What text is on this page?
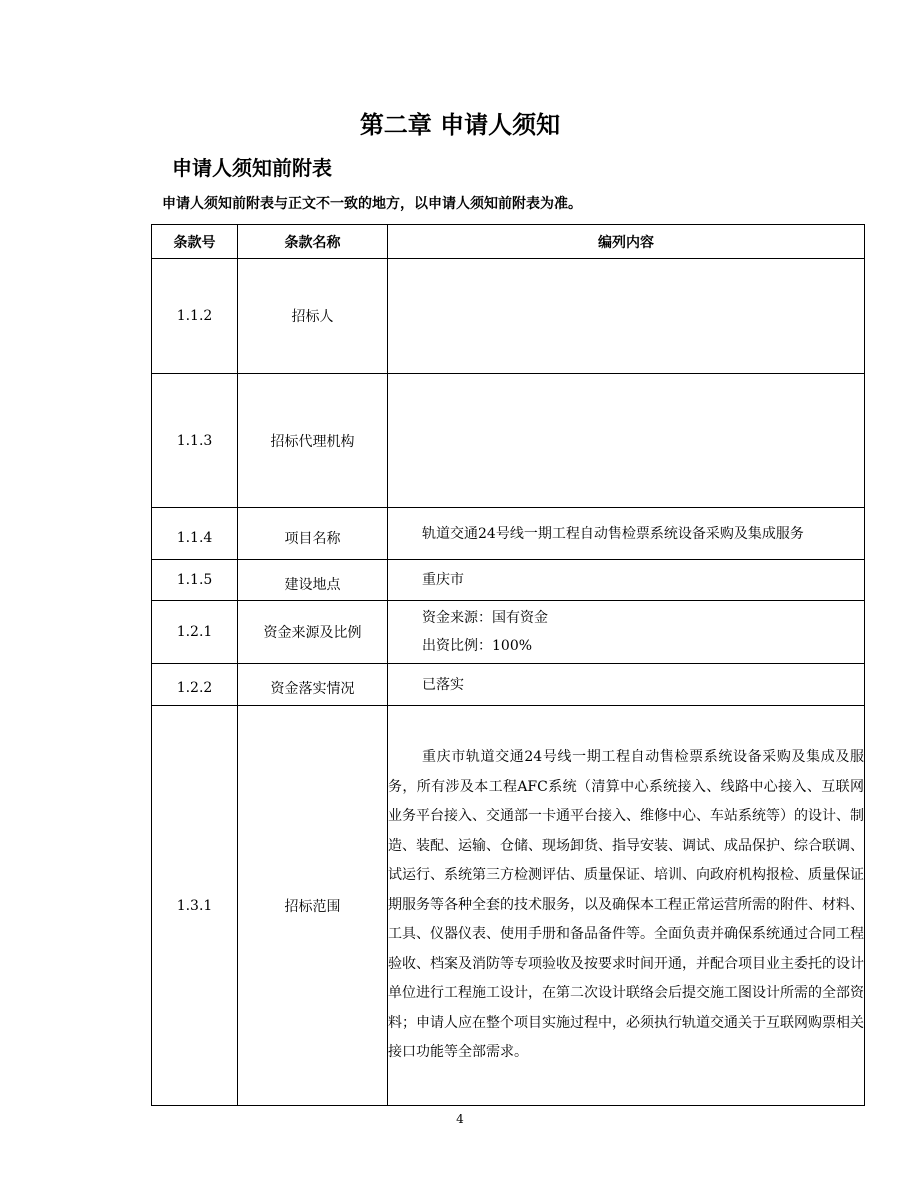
第二章 申请人须知
申请人须知前附表
申请人须知前附表与正文不一致的地方，以申请人须知前附表为准。
条款号	条款名称	编列内容
1.1.2	招标人	

1.1.3	招标代理机构	

1.1.4	项目名称	轨道交通24号线一期工程自动售检票系统设备采购及集成服务

1.1.5	建设地点	重庆市

1.2.1	资金来源及比例	资金来源：国有资金
出资比例：100%

1.2.2	资金落实情况	已落实

1.3.1	招标范围	重庆市轨道交通24号线一期工程自动售检票系统设备采购及集成及服务，所有涉及本工程AFC系统（清算中心系统接入、线路中心接入、互联网业务平台接入、交通部一卡通平台接入、维修中心、车站系统等）的设计、制造、装配、运输、仓储、现场卸货、指导安装、调试、成品保护、综合联调、试运行、系统第三方检测评估、质量保证、培训、向政府机构报检、质量保证期服务等各种全套的技术服务，以及确保本工程正常运营所需的附件、材料、工具、仪器仪表、使用手册和备品备件等。全面负责并确保系统通过合同工程验收、档案及消防等专项验收及按要求时间开通，并配合项目业主委托的设计单位进行工程施工设计，在第二次设计联络会后提交施工图设计所需的全部资料；申请人应在整个项目实施过程中，必须执行轨道交通关于互联网购票相关接口功能等全部需求。
4
